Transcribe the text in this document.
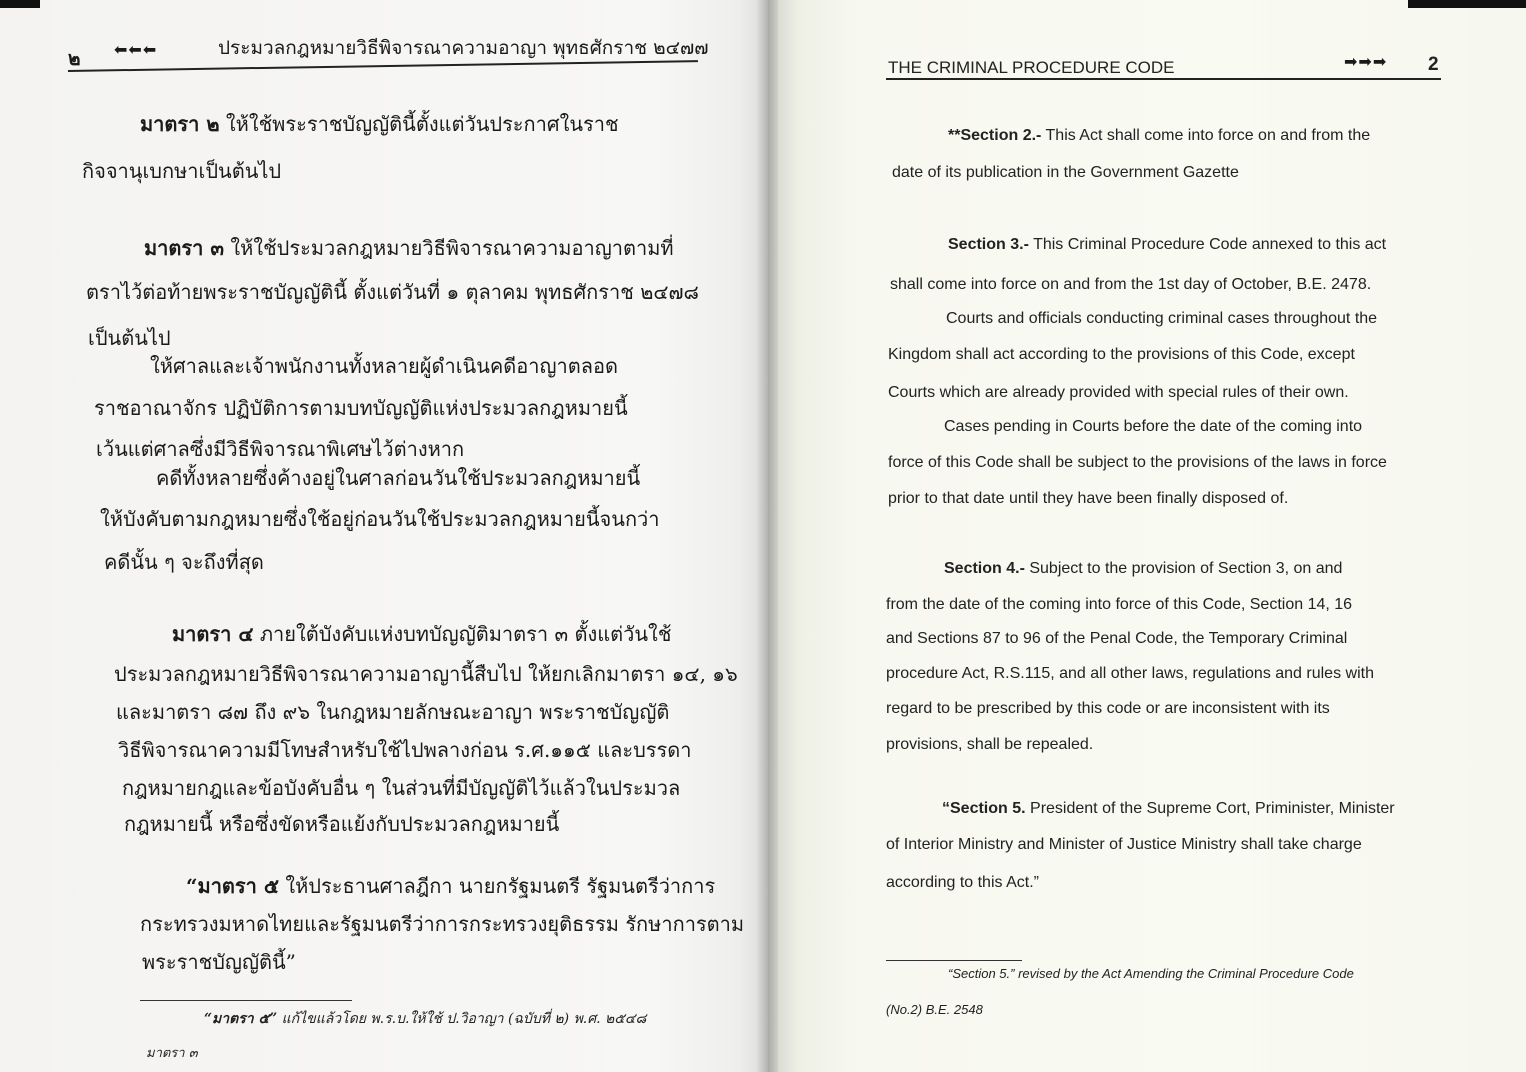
๒ ⬅⬅⬅	ประมวลกฎหมายวิธีพิจารณาความอาญา พุทธศักราช ๒๔๗๗
มาตรา ๒ ให้ใช้พระราชบัญญัตินี้ตั้งแต่วันประกาศในราช
กิจจานุเบกษาเป็นต้นไป
มาตรา ๓ ให้ใช้ประมวลกฎหมายวิธีพิจารณาความอาญาตามที่
ตราไว้ต่อท้ายพระราชบัญญัตินี้ ตั้งแต่วันที่ ๑ ตุลาคม พุทธศักราช ๒๔๗๘
เป็นต้นไป
ให้ศาลและเจ้าพนักงานทั้งหลายผู้ดำเนินคดีอาญาตลอด
ราชอาณาจักร ปฏิบัติการตามบทบัญญัติแห่งประมวลกฎหมายนี้
เว้นแต่ศาลซึ่งมีวิธีพิจารณาพิเศษไว้ต่างหาก
คดีทั้งหลายซึ่งค้างอยู่ในศาลก่อนวันใช้ประมวลกฎหมายนี้
ให้บังคับตามกฎหมายซึ่งใช้อยู่ก่อนวันใช้ประมวลกฎหมายนี้จนกว่า
คดีนั้น ๆ จะถึงที่สุด
มาตรา ๔ ภายใต้บังคับแห่งบทบัญญัติมาตรา ๓ ตั้งแต่วันใช้
ประมวลกฎหมายวิธีพิจารณาความอาญานี้สืบไป ให้ยกเลิกมาตรา ๑๔, ๑๖
และมาตรา ๘๗ ถึง ๙๖ ในกฎหมายลักษณะอาญา พระราชบัญญัติ
วิธีพิจารณาความมีโทษสำหรับใช้ไปพลางก่อน ร.ศ.๑๑๕ และบรรดา
กฎหมายกฎและข้อบังคับอื่น ๆ ในส่วนที่มีบัญญัติไว้แล้วในประมวล
กฎหมายนี้ หรือซึ่งขัดหรือแย้งกับประมวลกฎหมายนี้
“มาตรา ๕ ให้ประธานศาลฎีกา นายกรัฐมนตรี รัฐมนตรีว่าการ
กระทรวงมหาดไทยและรัฐมนตรีว่าการกระทรวงยุติธรรม รักษาการตาม
พระราชบัญญัตินี้”
“มาตรา ๕” แก้ไขแล้วโดย พ.ร.บ.ให้ใช้ ป.วิอาญา (ฉบับที่ ๒) พ.ศ. ๒๕๔๘
มาตรา ๓
THE CRIMINAL PROCEDURE CODE	➡➡➡ 2
**Section 2.- This Act shall come into force on and from the
date of its publication in the Government Gazette
Section 3.- This Criminal Procedure Code annexed to this act
shall come into force on and from the 1st day of October, B.E. 2478.
Courts and officials conducting criminal cases throughout the
Kingdom shall act according to the provisions of this Code, except
Courts which are already provided with special rules of their own.
Cases pending in Courts before the date of the coming into
force of this Code shall be subject to the provisions of the laws in force
prior to that date until they have been finally disposed of.
Section 4.- Subject to the provision of Section 3, on and
from the date of the coming into force of this Code, Section 14, 16
and Sections 87 to 96 of the Penal Code, the Temporary Criminal
procedure Act, R.S.115, and all other laws, regulations and rules with
regard to be prescribed by this code or are inconsistent with its
provisions, shall be repealed.
“Section 5. President of the Supreme Cort, Priminister, Minister
of Interior Ministry and Minister of Justice Ministry shall take charge
according to this Act.”
“Section 5.” revised by the Act Amending the Criminal Procedure Code
(No.2) B.E. 2548
